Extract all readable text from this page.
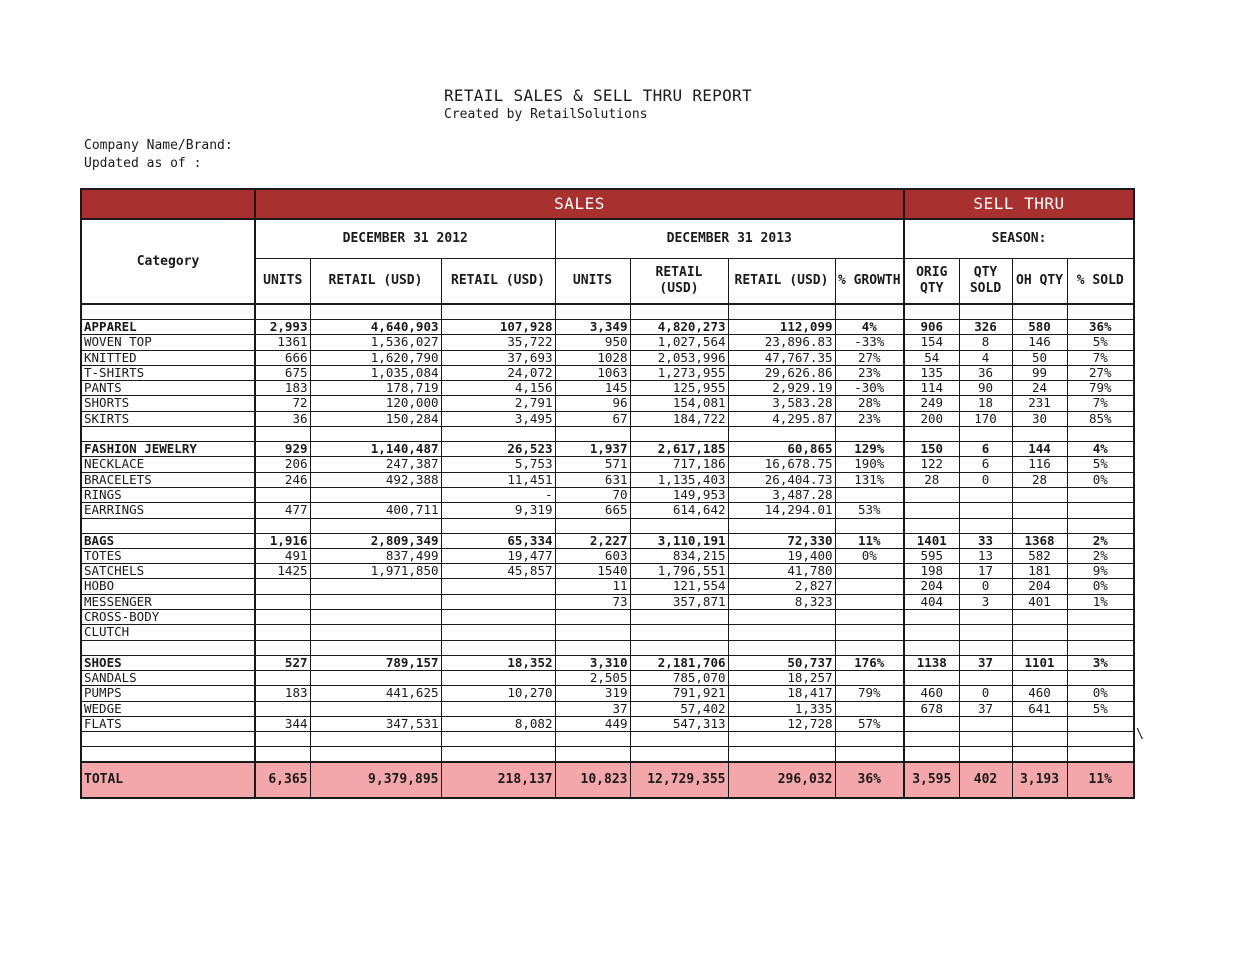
RETAIL SALES & SELL THRU REPORT
Created by RetailSolutions
Company Name/Brand:
Updated as of :
\
	SALES							SELL THRU			
Category	DECEMBER 31 2012			DECEMBER 31 2013				SEASON:			
	UNITS	RETAIL (USD)	RETAIL (USD)	UNITS	RETAIL (USD)	RETAIL (USD)	% GROWTH	ORIG QTY	QTY SOLD	OH QTY	% SOLD

APPAREL	2,993	4,640,903	107,928	3,349	4,820,273	112,099	4%	906	326	580	36%
WOVEN TOP	1361	1,536,027	35,722	950	1,027,564	23,896.83	-33%	154	8	146	5%
KNITTED	666	1,620,790	37,693	1028	2,053,996	47,767.35	27%	54	4	50	7%
T-SHIRTS	675	1,035,084	24,072	1063	1,273,955	29,626.86	23%	135	36	99	27%
PANTS	183	178,719	4,156	145	125,955	2,929.19	-30%	114	90	24	79%
SHORTS	72	120,000	2,791	96	154,081	3,583.28	28%	249	18	231	7%
SKIRTS	36	150,284	3,495	67	184,722	4,295.87	23%	200	170	30	85%

FASHION JEWELRY	929	1,140,487	26,523	1,937	2,617,185	60,865	129%	150	6	144	4%
NECKLACE	206	247,387	5,753	571	717,186	16,678.75	190%	122	6	116	5%
BRACELETS	246	492,388	11,451	631	1,135,403	26,404.73	131%	28	0	28	0%
RINGS			-	70	149,953	3,487.28					
EARRINGS	477	400,711	9,319	665	614,642	14,294.01	53%				

BAGS	1,916	2,809,349	65,334	2,227	3,110,191	72,330	11%	1401	33	1368	2%
TOTES	491	837,499	19,477	603	834,215	19,400	0%	595	13	582	2%
SATCHELS	1425	1,971,850	45,857	1540	1,796,551	41,780		198	17	181	9%
HOBO				11	121,554	2,827		204	0	204	0%
MESSENGER				73	357,871	8,323		404	3	401	1%
CROSS-BODY											
CLUTCH											

SHOES	527	789,157	18,352	3,310	2,181,706	50,737	176%	1138	37	1101	3%
SANDALS				2,505	785,070	18,257					
PUMPS	183	441,625	10,270	319	791,921	18,417	79%	460	0	460	0%
WEDGE				37	57,402	1,335		678	37	641	5%
FLATS	344	347,531	8,082	449	547,313	12,728	57%				

TOTAL	6,365	9,379,895	218,137	10,823	12,729,355	296,032	36%	3,595	402	3,193	11%
